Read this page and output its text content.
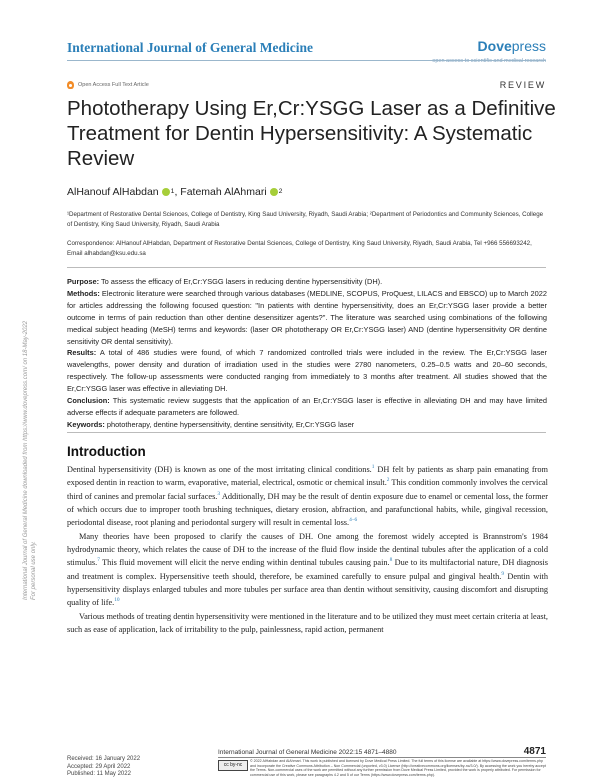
International Journal of General Medicine	Dovepress
open access to scientific and medical research
Open Access Full Text Article	REVIEW
Phototherapy Using Er,Cr:YSGG Laser as a Definitive Treatment for Dentin Hypersensitivity: A Systematic Review
AlHanouf AlHabdan 1 , Fatemah AlAhmari 2
¹Department of Restorative Dental Sciences, College of Dentistry, King Saud University, Riyadh, Saudi Arabia; ²Department of Periodontics and Community Sciences, College of Dentistry, King Saud University, Riyadh, Saudi Arabia
Correspondence: AlHanouf AlHabdan, Department of Restorative Dental Sciences, College of Dentistry, King Saud University, Riyadh, Saudi Arabia, Tel +966 556693242, Email alhabdan@ksu.edu.sa

Purpose: To assess the efficacy of Er,Cr:YSGG lasers in reducing dentine hypersensitivity (DH).

Methods: Electronic literature were searched through various databases (MEDLINE, SCOPUS, ProQuest, LILACS and EBSCO) up to March 2022 for articles addressing the following focused question: "In patients with dentine hypersensitivity, does an Er,Cr:YSGG laser provide a better outcome in terms of pain reduction than other dentine desensitizer agents?". The literature was searched using combinations of the following medical subject heading (MeSH) terms and keywords: (laser OR phototherapy OR Er,Cr:YSGG laser) AND (dentine hypersensitivity OR dentine sensitivity OR dental sensitivity).

Results: A total of 486 studies were found, of which 7 randomized controlled trials were included in the review. The Er,Cr:YSGG laser wavelengths, power density and duration of irradiation used in the studies were 2780 nanometers, 0.25–0.5 watts and 20–60 seconds, respectively. The follow-up assessments were conducted ranging from immediately to 3 months after treatment. All studies showed that the Er,Cr:YSGG laser was effective in alleviating DH.

Conclusion: This systematic review suggests that the application of an Er,Cr:YSGG laser is effective in alleviating DH and may have limited adverse effects if adequate parameters are followed.

Keywords: phototherapy, dentine hypersensitivity, dentine sensitivity, Er,Cr:YSGG laser

Introduction

Dentinal hypersensitivity (DH) is known as one of the most irritating clinical conditions.$^1$ DH felt by patients as sharp pain emanating from exposed dentin in reaction to warm, evaporative, material, electrical, osmotic or chemical insult.$^2$ This condition commonly involves the cervical third of canines and premolar facial surfaces.$^3$ Additionally, DH may be the result of dentin exposure due to enamel or cemental loss, the former of which occurs due to improper tooth brushing techniques, dietary erosion, abfraction, and parafunctional habits, while, gingival recession, periodontal disease, root planing and periodontal surgery will result in cemental loss.$^{4-6}$

Many theories have been proposed to clarify the causes of DH. One among the foremost widely accepted is Brannstrom's 1984 hydrodynamic theory, which relates the cause of DH to the increase of the fluid flow inside the dentinal tubules after the application of a cold stimulus.$^7$ This fluid movement will elicit the nerve ending within dentinal tubules causing pain.$^8$ Due to its multifactorial nature, DH diagnosis and treatment is complex. Hypersensitive teeth should, therefore, be examined carefully to ensure pulpal and gingival health.$^9$ Dentin with hypersensitivity displays enlarged tubules and more tubules per surface area than dentin without sensitivity, causing discomfort and disrupting quality of life.$^{10}$

Various methods of treating dentin hypersensitivity were mentioned in the literature and to be utilized they must meet certain criteria at least, such as ease of application, lack of irritability to the pulp, painlessness, rapid action, permanent

Received: 16 January 2022
Accepted: 29 April 2022
Published: 11 May 2022
International Journal of General Medicine 2022:15 4871–4880	4871
cc by-nc
© 2022 AlHabdan and AlAhmari. This work is published and licensed by Dove Medical Press Limited. The full terms of this license are available at https://www.dovepress.com/terms.php and incorporate the Creative Commons Attribution – Non Commercial (unported, v3.0) License (http://creativecommons.org/licenses/by-nc/3.0/). By accessing the work you hereby accept the Terms. Non-commercial uses of the work are permitted without any further permission from Dove Medical Press Limited, provided the work is properly attributed. For permission for commercial use of this work, please see paragraphs 4.2 and 5 of our Terms (https://www.dovepress.com/terms.php).
International Journal of General Medicine downloaded from https://www.dovepress.com/ on 18-May-2022 For personal use only.
